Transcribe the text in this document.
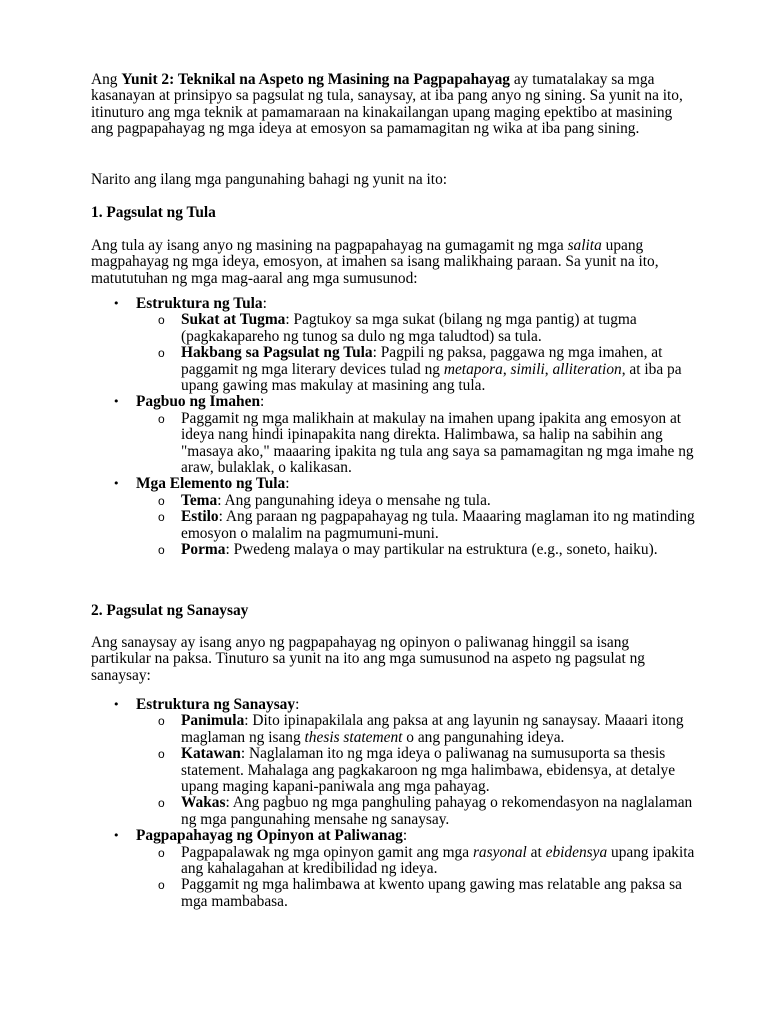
Ang Yunit 2: Teknikal na Aspeto ng Masining na Pagpapahayag ay tumatalakay sa mga kasanayan at prinsipyo sa pagsulat ng tula, sanaysay, at iba pang anyo ng sining. Sa yunit na ito, itinuturo ang mga teknik at pamamaraan na kinakailangan upang maging epektibo at masining ang pagpapahayag ng mga ideya at emosyon sa pamamagitan ng wika at iba pang sining.

Narito ang ilang mga pangunahing bahagi ng yunit na ito:

1. Pagsulat ng Tula

Ang tula ay isang anyo ng masining na pagpapahayag na gumagamit ng mga salita upang magpahayag ng mga ideya, emosyon, at imahen sa isang malikhaing paraan. Sa yunit na ito, matututuhan ng mga mag-aaral ang mga sumusunod:

• Estruktura ng Tula:
o Sukat at Tugma: Pagtukoy sa mga sukat (bilang ng mga pantig) at tugma (pagkakapareho ng tunog sa dulo ng mga taludtod) sa tula.
o Hakbang sa Pagsulat ng Tula: Pagpili ng paksa, paggawa ng mga imahen, at paggamit ng mga literary devices tulad ng metapora, simili, alliteration, at iba pa upang gawing mas makulay at masining ang tula.
• Pagbuo ng Imahen:
o Paggamit ng mga malikhain at makulay na imahen upang ipakita ang emosyon at ideya nang hindi ipinapakita nang direkta. Halimbawa, sa halip na sabihin ang "masaya ako," maaaring ipakita ng tula ang saya sa pamamagitan ng mga imahe ng araw, bulaklak, o kalikasan.
• Mga Elemento ng Tula:
o Tema: Ang pangunahing ideya o mensahe ng tula.
o Estilo: Ang paraan ng pagpapahayag ng tula. Maaaring maglaman ito ng matinding emosyon o malalim na pagmumuni-muni.
o Porma: Pwedeng malaya o may partikular na estruktura (e.g., soneto, haiku).
2. Pagsulat ng Sanaysay

Ang sanaysay ay isang anyo ng pagpapahayag ng opinyon o paliwanag hinggil sa isang partikular na paksa. Tinuturo sa yunit na ito ang mga sumusunod na aspeto ng pagsulat ng sanaysay:

• Estruktura ng Sanaysay:
o Panimula: Dito ipinapakilala ang paksa at ang layunin ng sanaysay. Maaari itong maglaman ng isang thesis statement o ang pangunahing ideya.
o Katawan: Naglalaman ito ng mga ideya o paliwanag na sumusuporta sa thesis statement. Mahalaga ang pagkakaroon ng mga halimbawa, ebidensya, at detalye upang maging kapani-paniwala ang mga pahayag.
o Wakas: Ang pagbuo ng mga panghuling pahayag o rekomendasyon na naglalaman ng mga pangunahing mensahe ng sanaysay.
• Pagpapahayag ng Opinyon at Paliwanag:
o Pagpapalawak ng mga opinyon gamit ang mga rasyonal at ebidensya upang ipakita ang kahalagahan at kredibilidad ng ideya.
o Paggamit ng mga halimbawa at kwento upang gawing mas relatable ang paksa sa mga mambabasa.
